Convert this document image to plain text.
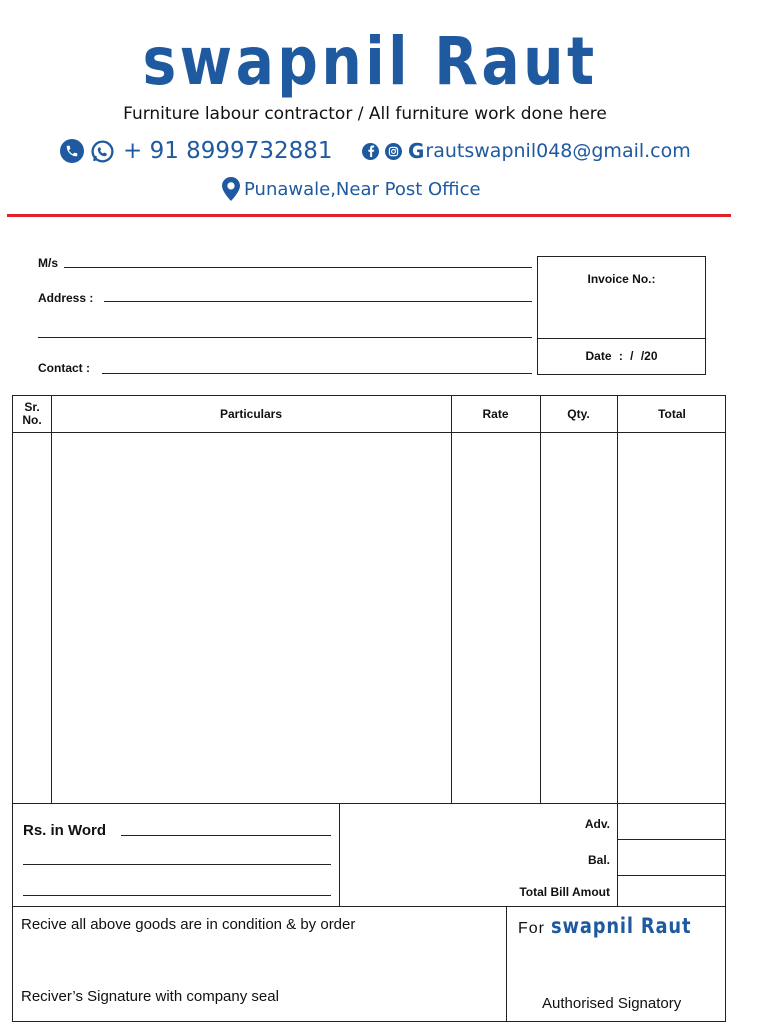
swapnil Raut
Furniture labour contractor / All furniture work done here
+ 91 8999732881	G rautswapnil048@gmail.com
Punawale,Near Post Office
M/s
Address :
Contact :
Invoice No.:
Date : / /20
Sr.
No.	Particulars	Rate	Qty.	Total
Rs. in Word	Adv.
Bal.
Total Bill Amout
Recive all above goods are in condition & by order
Reciver’s Signature with company seal
For swapnil Raut
Authorised Signatory
